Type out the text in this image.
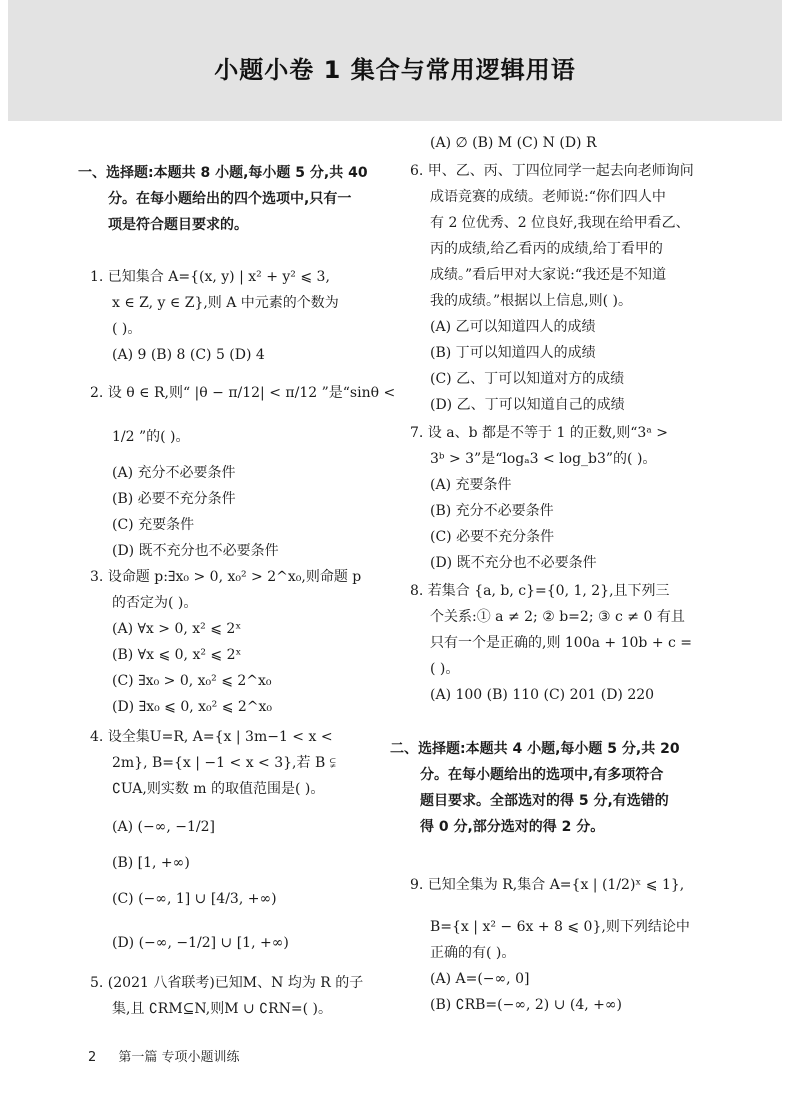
小题小卷 1 集合与常用逻辑用语
一、选择题:本题共 8 小题,每小题 5 分,共 40
分。在每小题给出的四个选项中,只有一
项是符合题目要求的。
1. 已知集合 A={(x, y) | x² + y² ⩽ 3,
x ∈ Z, y ∈ Z},则 A 中元素的个数为
( )。
(A) 9 (B) 8 (C) 5 (D) 4
2. 设 θ ∈ R,则“ |θ − π/12| < π/12 ”是“sinθ <
1/2 ”的( )。
(A) 充分不必要条件
(B) 必要不充分条件
(C) 充要条件
(D) 既不充分也不必要条件
3. 设命题 p:∃x₀ > 0, x₀² > 2^x₀,则命题 p
的否定为( )。
(A) ∀x > 0, x² ⩽ 2ˣ
(B) ∀x ⩽ 0, x² ⩽ 2ˣ
(C) ∃x₀ > 0, x₀² ⩽ 2^x₀
(D) ∃x₀ ⩽ 0, x₀² ⩽ 2^x₀
4. 设全集U=R, A={x | 3m−1 < x <
2m}, B={x | −1 < x < 3},若 B ⫋
∁UA,则实数 m 的取值范围是( )。
(A) (−∞, −1/2]
(B) [1, +∞)
(C) (−∞, 1] ∪ [4/3, +∞)
(D) (−∞, −1/2] ∪ [1, +∞)
5. (2021 八省联考)已知M、N 均为 R 的子
集,且 ∁RM⊆N,则M ∪ ∁RN=( )。
(A) ∅ (B) M (C) N (D) R
6. 甲、乙、丙、丁四位同学一起去向老师询问
成语竞赛的成绩。老师说:“你们四人中
有 2 位优秀、2 位良好,我现在给甲看乙、
丙的成绩,给乙看丙的成绩,给丁看甲的
成绩。”看后甲对大家说:“我还是不知道
我的成绩。”根据以上信息,则( )。
(A) 乙可以知道四人的成绩
(B) 丁可以知道四人的成绩
(C) 乙、丁可以知道对方的成绩
(D) 乙、丁可以知道自己的成绩
7. 设 a、b 都是不等于 1 的正数,则“3ᵃ >
3ᵇ > 3”是“logₐ3 < log_b3”的( )。
(A) 充要条件
(B) 充分不必要条件
(C) 必要不充分条件
(D) 既不充分也不必要条件
8. 若集合 {a, b, c}={0, 1, 2},且下列三
个关系:① a ≠ 2; ② b=2; ③ c ≠ 0 有且
只有一个是正确的,则 100a + 10b + c =
( )。
(A) 100 (B) 110 (C) 201 (D) 220
二、选择题:本题共 4 小题,每小题 5 分,共 20
分。在每小题给出的选项中,有多项符合
题目要求。全部选对的得 5 分,有选错的
得 0 分,部分选对的得 2 分。
9. 已知全集为 R,集合 A={x | (1/2)ˣ ⩽ 1},
B={x | x² − 6x + 8 ⩽ 0},则下列结论中
正确的有( )。
(A) A=(−∞, 0]
(B) ∁RB=(−∞, 2) ∪ (4, +∞)
2 第一篇 专项小题训练
